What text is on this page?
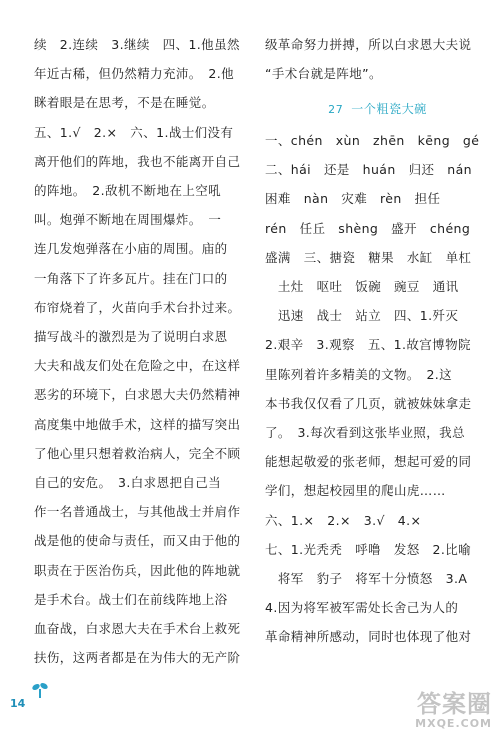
续　2.连续　3.继续　四、1.他虽然
年近古稀，但仍然精力充沛。　2.他
眯着眼是在思考，不是在睡觉。
五、1.√　2.×　六、1.战士们没有
离开他们的阵地，我也不能离开自己
的阵地。　2.敌机不断地在上空吼
叫。炮弹不断地在周围爆炸。　一
连几发炮弹落在小庙的周围。庙的
一角落下了许多瓦片。挂在门口的
布帘烧着了，火苗向手术台扑过来。
描写战斗的激烈是为了说明白求恩
大夫和战友们处在危险之中，在这样
恶劣的环境下，白求恩大夫仍然精神
高度集中地做手术，这样的描写突出
了他心里只想着救治病人，完全不顾
自己的安危。　3.白求恩把自己当
作一名普通战士，与其他战士并肩作
战是他的使命与责任，而又由于他的
职责在于医治伤兵，因此他的阵地就
是手术台。战士们在前线阵地上浴
血奋战，白求恩大夫在手术台上救死
扶伤，这两者都是在为伟大的无产阶
级革命努力拼搏，所以白求恩大夫说
“手术台就是阵地”。
27 一个粗瓷大碗
一、chén　xùn　zhēn　kēng　gé
二、hái　还是　huán　归还　nán
困难　nàn　灾难　rèn　担任
rén　任丘　shèng　盛开　chéng
盛满　三、搪瓷　糖果　水缸　单杠
　土灶　呕吐　饭碗　豌豆　通讯
　迅速　战士　站立　四、1.歼灭
2.艰辛　3.观察　五、1.故宫博物院
里陈列着许多精美的文物。　2.这
本书我仅仅看了几页，就被妹妹拿走
了。　3.每次看到这张毕业照，我总
能想起敬爱的张老师，想起可爱的同
学们，想起校园里的爬山虎……
六、1.×　2.×　3.√　4.×
七、1.光秃秃　呼噜　发怒　2.比喻
　将军　豹子　将军十分愤怒　3.A
4.因为将军被军需处长舍己为人的
革命精神所感动，同时也体现了他对
14	答案圈
MXQE.COM
